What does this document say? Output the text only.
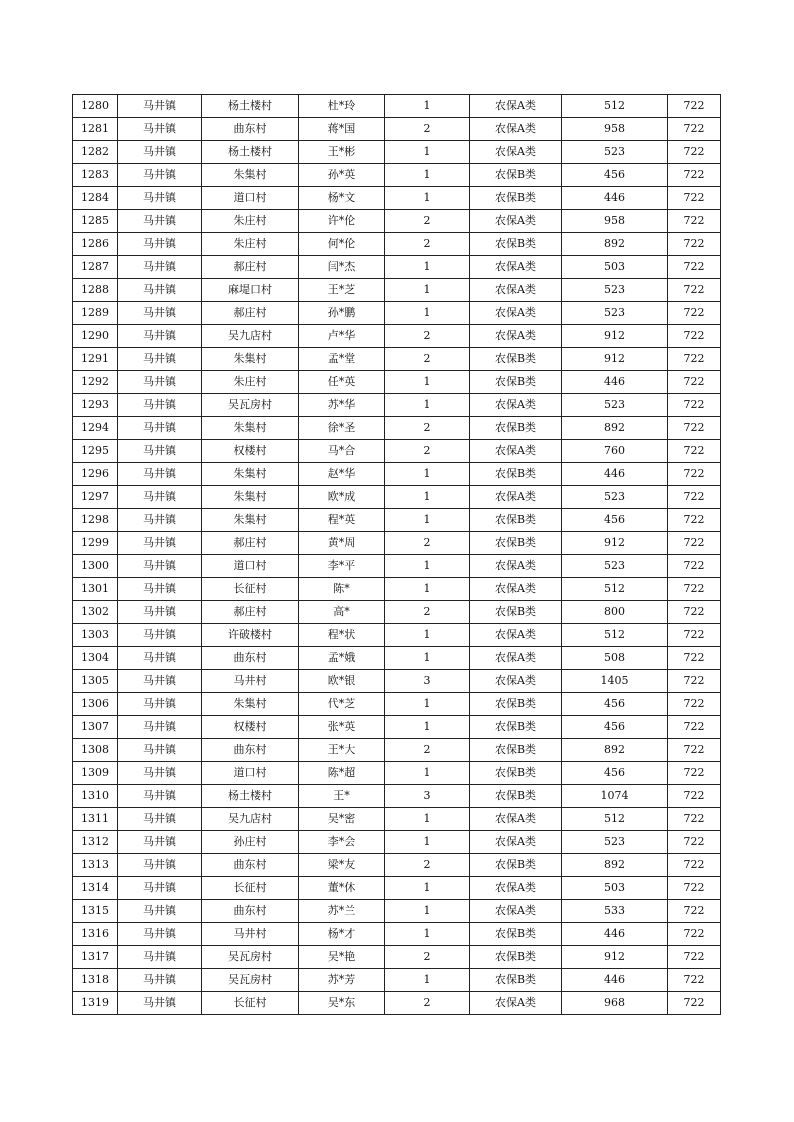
1280	马井镇	杨土楼村	杜*玲	1	农保A类	512	722
1281	马井镇	曲东村	蒋*国	2	农保A类	958	722
1282	马井镇	杨土楼村	王*彬	1	农保A类	523	722
1283	马井镇	朱集村	孙*英	1	农保B类	456	722
1284	马井镇	道口村	杨*文	1	农保B类	446	722
1285	马井镇	朱庄村	许*伦	2	农保A类	958	722
1286	马井镇	朱庄村	何*伦	2	农保B类	892	722
1287	马井镇	郝庄村	闫*杰	1	农保A类	503	722
1288	马井镇	麻堤口村	王*芝	1	农保A类	523	722
1289	马井镇	郝庄村	孙*鹏	1	农保A类	523	722
1290	马井镇	吴九店村	卢*华	2	农保A类	912	722
1291	马井镇	朱集村	孟*堂	2	农保B类	912	722
1292	马井镇	朱庄村	任*英	1	农保B类	446	722
1293	马井镇	吴瓦房村	苏*华	1	农保A类	523	722
1294	马井镇	朱集村	徐*圣	2	农保B类	892	722
1295	马井镇	权楼村	马*合	2	农保A类	760	722
1296	马井镇	朱集村	赵*华	1	农保B类	446	722
1297	马井镇	朱集村	欧*成	1	农保A类	523	722
1298	马井镇	朱集村	程*英	1	农保B类	456	722
1299	马井镇	郝庄村	黄*周	2	农保B类	912	722
1300	马井镇	道口村	李*平	1	农保A类	523	722
1301	马井镇	长征村	陈*	1	农保A类	512	722
1302	马井镇	郝庄村	高*	2	农保B类	800	722
1303	马井镇	许破楼村	程*状	1	农保A类	512	722
1304	马井镇	曲东村	孟*娥	1	农保A类	508	722
1305	马井镇	马井村	欧*银	3	农保A类	1405	722
1306	马井镇	朱集村	代*芝	1	农保B类	456	722
1307	马井镇	权楼村	张*英	1	农保B类	456	722
1308	马井镇	曲东村	王*大	2	农保B类	892	722
1309	马井镇	道口村	陈*超	1	农保B类	456	722
1310	马井镇	杨土楼村	王*	3	农保B类	1074	722
1311	马井镇	吴九店村	吴*密	1	农保A类	512	722
1312	马井镇	孙庄村	李*会	1	农保A类	523	722
1313	马井镇	曲东村	梁*友	2	农保B类	892	722
1314	马井镇	长征村	董*休	1	农保A类	503	722
1315	马井镇	曲东村	苏*兰	1	农保A类	533	722
1316	马井镇	马井村	杨*才	1	农保B类	446	722
1317	马井镇	吴瓦房村	吴*艳	2	农保B类	912	722
1318	马井镇	吴瓦房村	苏*芳	1	农保B类	446	722
1319	马井镇	长征村	吴*东	2	农保A类	968	722
